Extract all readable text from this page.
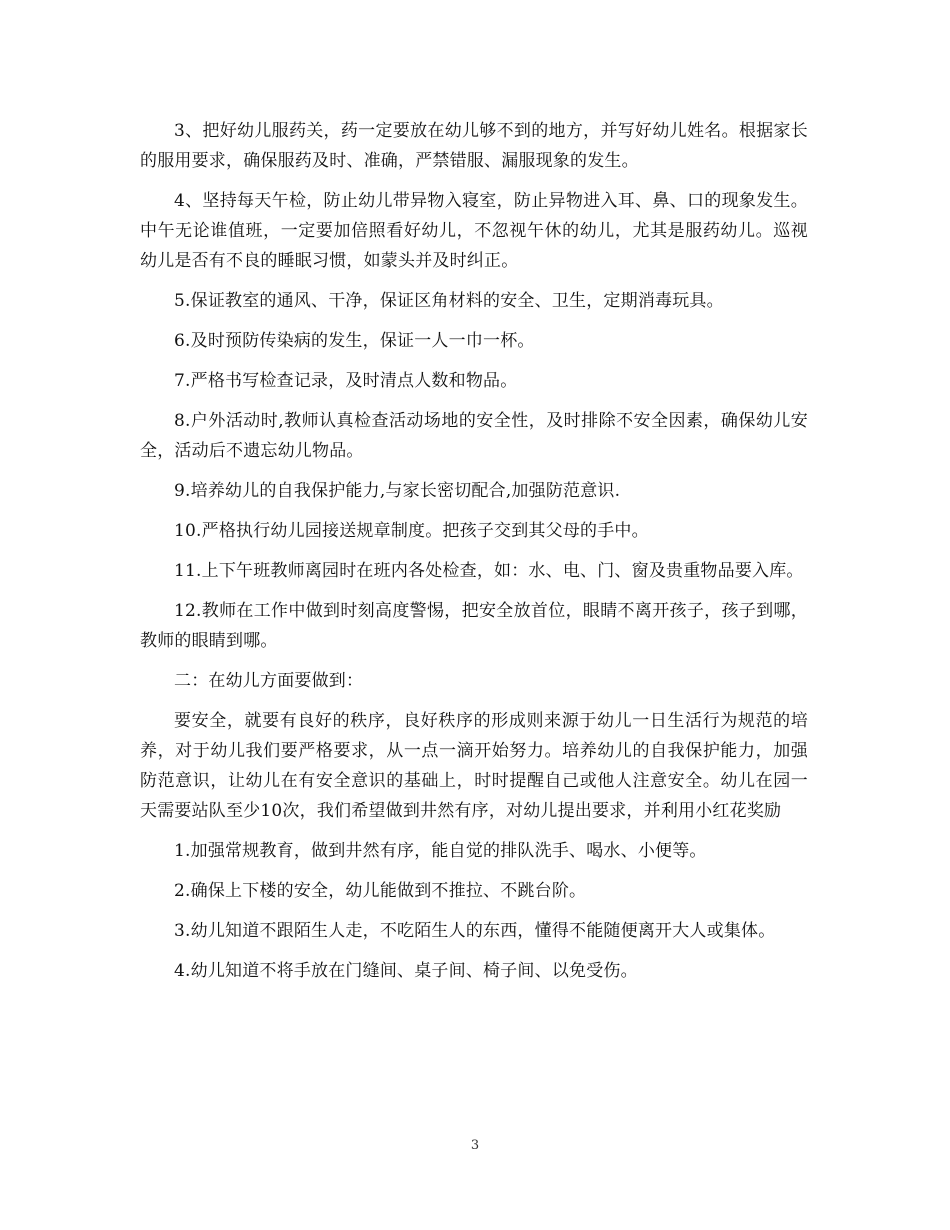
3、把好幼儿服药关，药一定要放在幼儿够不到的地方，并写好幼儿姓名。根据家长的服用要求，确保服药及时、准确，严禁错服、漏服现象的发生。

4、坚持每天午检，防止幼儿带异物入寝室，防止异物进入耳、鼻、口的现象发生。中午无论谁值班，一定要加倍照看好幼儿，不忽视午休的幼儿，尤其是服药幼儿。巡视幼儿是否有不良的睡眠习惯，如蒙头并及时纠正。

5.保证教室的通风、干净，保证区角材料的安全、卫生，定期消毒玩具。

6.及时预防传染病的发生，保证一人一巾一杯。

7.严格书写检查记录，及时清点人数和物品。

8.户外活动时,教师认真检查活动场地的安全性，及时排除不安全因素，确保幼儿安全，活动后不遗忘幼儿物品。

9.培养幼儿的自我保护能力,与家长密切配合,加强防范意识.

10.严格执行幼儿园接送规章制度。把孩子交到其父母的手中。

11.上下午班教师离园时在班内各处检查，如：水、电、门、窗及贵重物品要入库。

12.教师在工作中做到时刻高度警惕，把安全放首位，眼睛不离开孩子，孩子到哪，教师的眼睛到哪。

二：在幼儿方面要做到：

要安全，就要有良好的秩序，良好秩序的形成则来源于幼儿一日生活行为规范的培养，对于幼儿我们要严格要求，从一点一滴开始努力。培养幼儿的自我保护能力，加强防范意识，让幼儿在有安全意识的基础上，时时提醒自己或他人注意安全。幼儿在园一天需要站队至少10次，我们希望做到井然有序，对幼儿提出要求，并利用小红花奖励

1.加强常规教育，做到井然有序，能自觉的排队洗手、喝水、小便等。

2.确保上下楼的安全，幼儿能做到不推拉、不跳台阶。

3.幼儿知道不跟陌生人走，不吃陌生人的东西，懂得不能随便离开大人或集体。

4.幼儿知道不将手放在门缝间、桌子间、椅子间、以免受伤。

3
